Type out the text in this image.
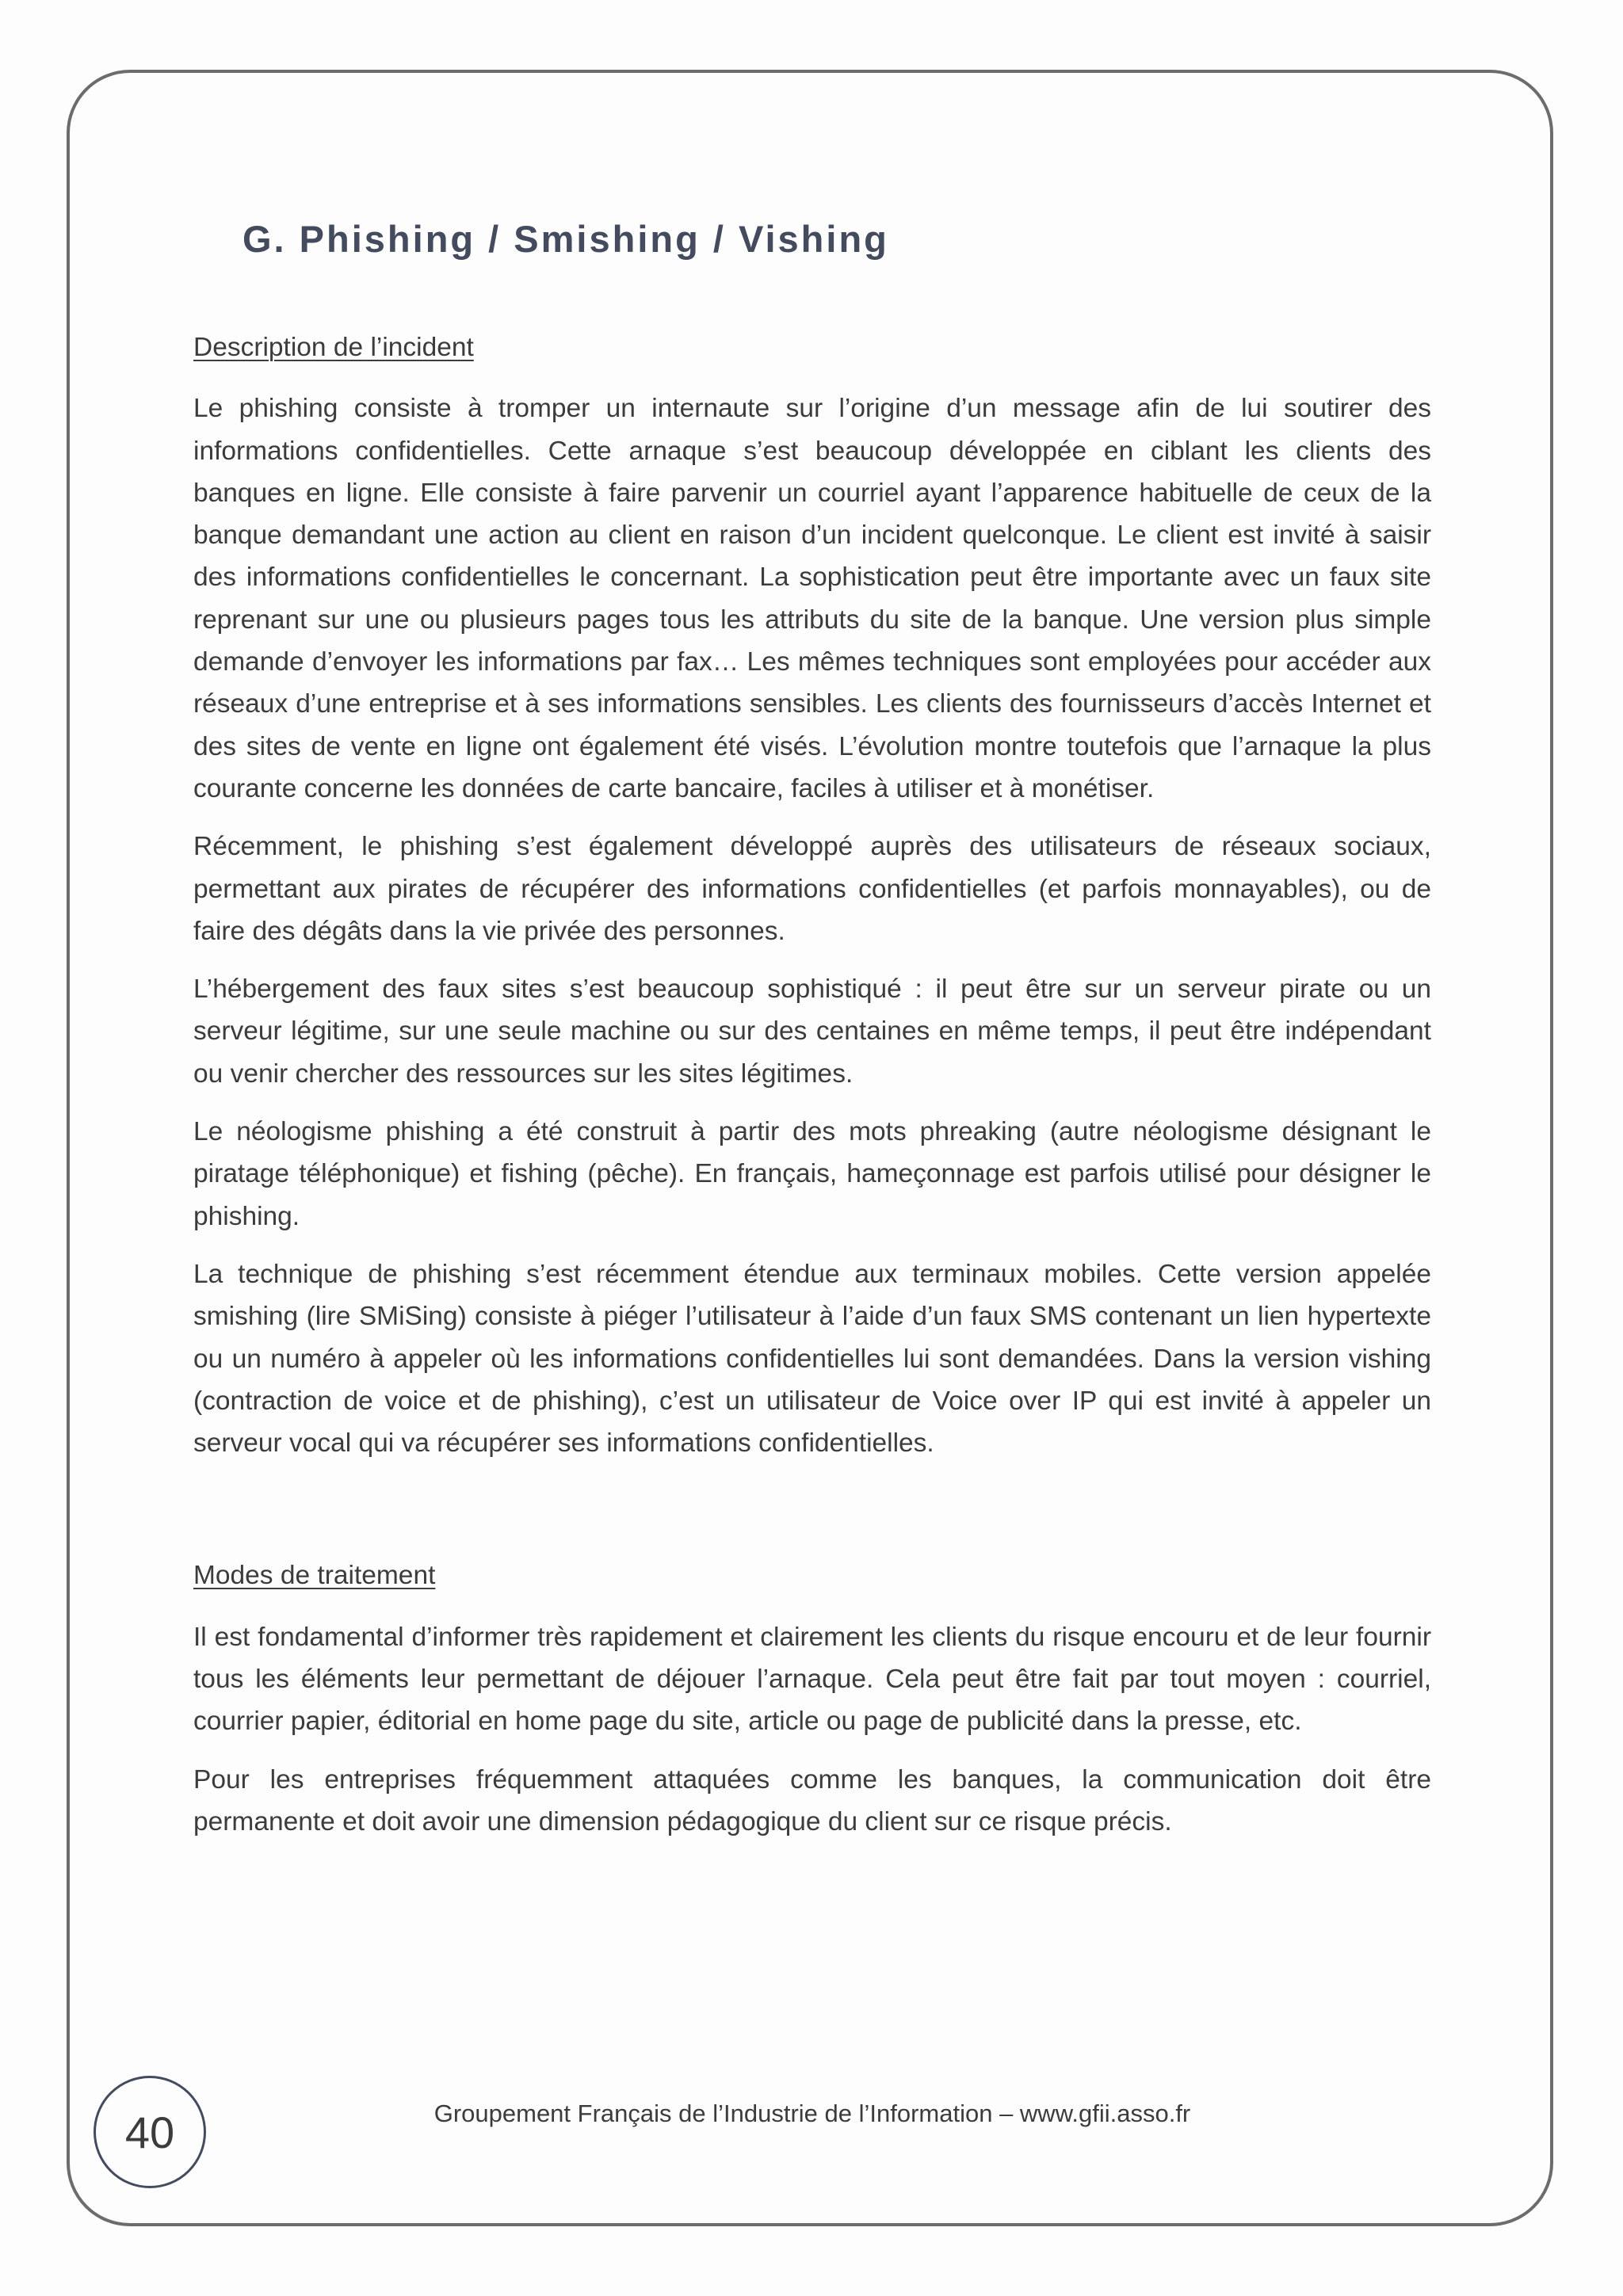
G. Phishing / Smishing / Vishing

Description de l’incident

Le phishing consiste à tromper un internaute sur l’origine d’un message afin de lui soutirer des informations confidentielles. Cette arnaque s’est beaucoup développée en ciblant les clients des banques en ligne. Elle consiste à faire parvenir un courriel ayant l’apparence habituelle de ceux de la banque demandant une action au client en raison d’un incident quelconque. Le client est invité à saisir des informations confidentielles le concernant. La sophistication peut être importante avec un faux site reprenant sur une ou plusieurs pages tous les attributs du site de la banque. Une version plus simple demande d’envoyer les informations par fax… Les mêmes techniques sont employées pour accéder aux réseaux d’une entreprise et à ses informations sensibles. Les clients des fournisseurs d’accès Internet et des sites de vente en ligne ont également été visés. L’évolution montre toutefois que l’arnaque la plus courante concerne les données de carte bancaire, faciles à utiliser et à monétiser.

Récemment, le phishing s’est également développé auprès des utilisateurs de réseaux sociaux, permettant aux pirates de récupérer des informations confidentielles (et parfois monnayables), ou de faire des dégâts dans la vie privée des personnes.

L’hébergement des faux sites s’est beaucoup sophistiqué : il peut être sur un serveur pirate ou un serveur légitime, sur une seule machine ou sur des centaines en même temps, il peut être indépendant ou venir chercher des ressources sur les sites légitimes.

Le néologisme phishing a été construit à partir des mots phreaking (autre néologisme désignant le piratage téléphonique) et fishing (pêche). En français, hameçonnage est parfois utilisé pour désigner le phishing.

La technique de phishing s’est récemment étendue aux terminaux mobiles. Cette version appelée smishing (lire SMiSing) consiste à piéger l’utilisateur à l’aide d’un faux SMS contenant un lien hypertexte ou un numéro à appeler où les informations confidentielles lui sont demandées. Dans la version vishing (contraction de voice et de phishing), c’est un utilisateur de Voice over IP qui est invité à appeler un serveur vocal qui va récupérer ses informations confidentielles.

Modes de traitement

Il est fondamental d’informer très rapidement et clairement les clients du risque encouru et de leur fournir tous les éléments leur permettant de déjouer l’arnaque. Cela peut être fait par tout moyen : courriel, courrier papier, éditorial en home page du site, article ou page de publicité dans la presse, etc.

Pour les entreprises fréquemment attaquées comme les banques, la communication doit être permanente et doit avoir une dimension pédagogique du client sur ce risque précis.

40	Groupement Français de l’Industrie de l’Information – www.gfii.asso.fr
